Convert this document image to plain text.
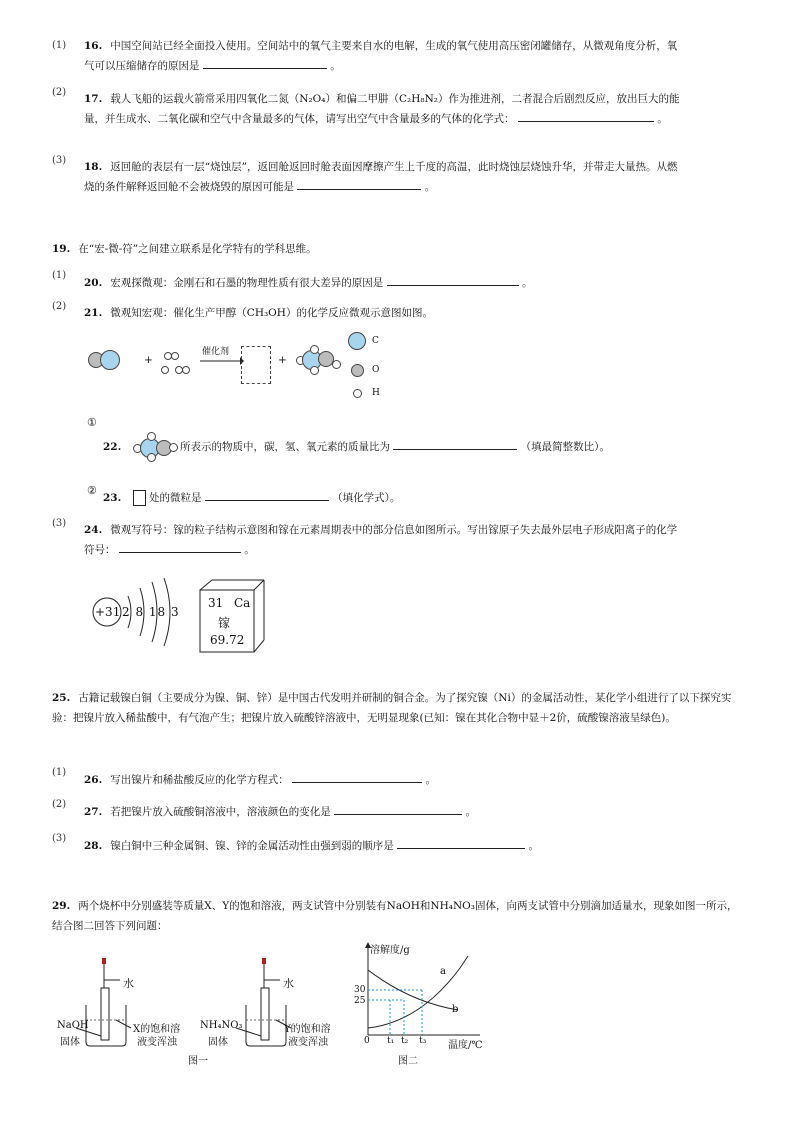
(1) 16. 中国空间站已经全面投入使用。空间站中的氧气主要来自水的电解，生成的氧气使用高压密闭罐储存，从微观角度分析，氧气可以压缩储存的原因是	。
(2)
17. 载人飞船的运载火箭常采用四氧化二氮（N₂O₄）和偏二甲肼（C₂H₈N₂）作为推进剂，二者混合后剧烈反应，放出巨大的能量，并生成水、二氧化碳和空气中含量最多的气体，请写出空气中含量最多的气体的化学式：	。
(3)
18. 返回舱的表层有一层“烧蚀层”，返回舱返回时舱表面因摩擦产生上千度的高温，此时烧蚀层烧蚀升华，并带走大量热。从燃烧的条件解释返回舱不会被烧毁的原因可能是	。
19. 在“宏-微-符”之间建立联系是化学特有的学科思维。
(1)
20. 宏观探微观：金刚石和石墨的物理性质有很大差异的原因是	。
(2)
21. 微观知宏观：催化生产甲醇（CH₃OH）的化学反应微观示意图如图。
+
催化剂
+
C
O
H
①
22.	所表示的物质中，碳，氢、氧元素的质量比为	（填最简整数比）。
②
23.	处的微粒是	（填化学式）。
(3)
24. 微观写符号：镓的粒子结构示意图和镓在元素周期表中的部分信息如图所示。写出镓原子失去最外层电子形成阳离子的化学符号：	。
+31 2 8 18 3
31 Ca
镓
69.72
25. 古籍记载镍白铜（主要成分为镍、铜、锌）是中国古代发明并研制的铜合金。为了探究镍（Ni）的金属活动性，某化学小组进行了以下探究实验：把镍片放入稀盐酸中，有气泡产生；把镍片放入硫酸锌溶液中，无明显现象(已知：镍在其化合物中显＋2价，硫酸镍溶液呈绿色)。
(1)
26. 写出镍片和稀盐酸反应的化学方程式：	。
(2)
27. 若把镍片放入硫酸铜溶液中，溶液颜色的变化是	。
(3)
28. 镍白铜中三种金属铜、镍、锌的金属活动性由强到弱的顺序是	。
29. 两个烧杯中分别盛装等质量X、Y的饱和溶液，两支试管中分别装有NaOH和NH₄NO₃固体，向两支试管中分别滴加适量水，现象如图一所示，结合图二回答下列问题：
水	水
NaOH
固体
X的饱和溶
液变浑浊
NH₄NO₃
固体
Y的饱和溶
液变浑浊
图一
溶解度/g
30
25
0 t₁ t₂ t₃ 温度/℃
a
b
图二
